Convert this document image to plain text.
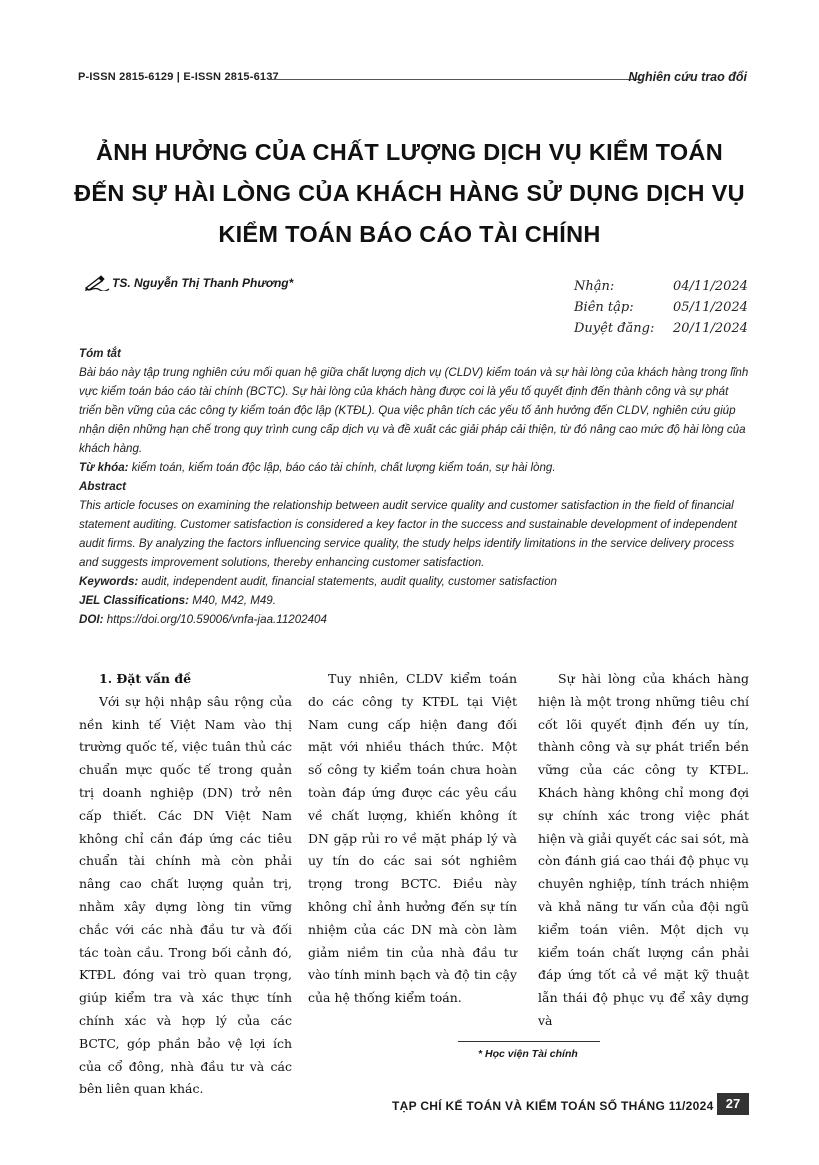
P-ISSN 2815-6129 | E-ISSN 2815-6137	Nghiên cứu trao đổi
ẢNH HƯỞNG CỦA CHẤT LƯỢNG DỊCH VỤ KIỂM TOÁN
ĐẾN SỰ HÀI LÒNG CỦA KHÁCH HÀNG SỬ DỤNG DỊCH VỤ
KIỂM TOÁN BÁO CÁO TÀI CHÍNH
TS. Nguyễn Thị Thanh Phương*	Nhận:	04/11/2024
Biên tập:	05/11/2024
Duyệt đăng:	20/11/2024

Tóm tắt

Bài báo này tập trung nghiên cứu mối quan hệ giữa chất lượng dịch vụ (CLDV) kiểm toán và sự hài lòng của khách hàng trong lĩnh vực kiểm toán báo cáo tài chính (BCTC). Sự hài lòng của khách hàng được coi là yếu tố quyết định đến thành công và sự phát triển bền vững của các công ty kiểm toán độc lập (KTĐL). Qua việc phân tích các yếu tố ảnh hưởng đến CLDV, nghiên cứu giúp nhận diện những hạn chế trong quy trình cung cấp dịch vụ và đề xuất các giải pháp cải thiện, từ đó nâng cao mức độ hài lòng của khách hàng.

Từ khóa: kiểm toán, kiểm toán độc lập, báo cáo tài chính, chất lượng kiểm toán, sự hài lòng.

Abstract

This article focuses on examining the relationship between audit service quality and customer satisfaction in the field of financial statement auditing. Customer satisfaction is considered a key factor in the success and sustainable development of independent audit firms. By analyzing the factors influencing service quality, the study helps identify limitations in the service delivery process and suggests improvement solutions, thereby enhancing customer satisfaction.

Keywords: audit, independent audit, financial statements, audit quality, customer satisfaction

JEL Classifications: M40, M42, M49.

DOI: https://doi.org/10.59006/vnfa-jaa.11202404

1. Đặt vấn đề

Với sự hội nhập sâu rộng của nền kinh tế Việt Nam vào thị trường quốc tế, việc tuân thủ các chuẩn mực quốc tế trong quản trị doanh nghiệp (DN) trở nên cấp thiết. Các DN Việt Nam không chỉ cần đáp ứng các tiêu chuẩn tài chính mà còn phải nâng cao chất lượng quản trị, nhằm xây dựng lòng tin vững chắc với các nhà đầu tư và đối tác toàn cầu. Trong bối cảnh đó, KTĐL đóng vai trò quan trọng, giúp kiểm tra và xác thực tính chính xác và hợp lý của các BCTC, góp phần bảo vệ lợi ích của cổ đông, nhà đầu tư và các bên liên quan khác.

Tuy nhiên, CLDV kiểm toán do các công ty KTĐL tại Việt Nam cung cấp hiện đang đối mặt với nhiều thách thức. Một số công ty kiểm toán chưa hoàn toàn đáp ứng được các yêu cầu về chất lượng, khiến không ít DN gặp rủi ro về mặt pháp lý và uy tín do các sai sót nghiêm trọng trong BCTC. Điều này không chỉ ảnh hưởng đến sự tín nhiệm của các DN mà còn làm giảm niềm tin của nhà đầu tư vào tính minh bạch và độ tin cậy của hệ thống kiểm toán.

Sự hài lòng của khách hàng hiện là một trong những tiêu chí cốt lõi quyết định đến uy tín, thành công và sự phát triển bền vững của các công ty KTĐL. Khách hàng không chỉ mong đợi sự chính xác trong việc phát hiện và giải quyết các sai sót, mà còn đánh giá cao thái độ phục vụ chuyên nghiệp, tính trách nhiệm và khả năng tư vấn của đội ngũ kiểm toán viên. Một dịch vụ kiểm toán chất lượng cần phải đáp ứng tốt cả về mặt kỹ thuật lẫn thái độ phục vụ để xây dựng và

* Học viện Tài chính
TẠP CHÍ KẾ TOÁN VÀ KIỂM TOÁN SỐ THÁNG 11/2024 27
